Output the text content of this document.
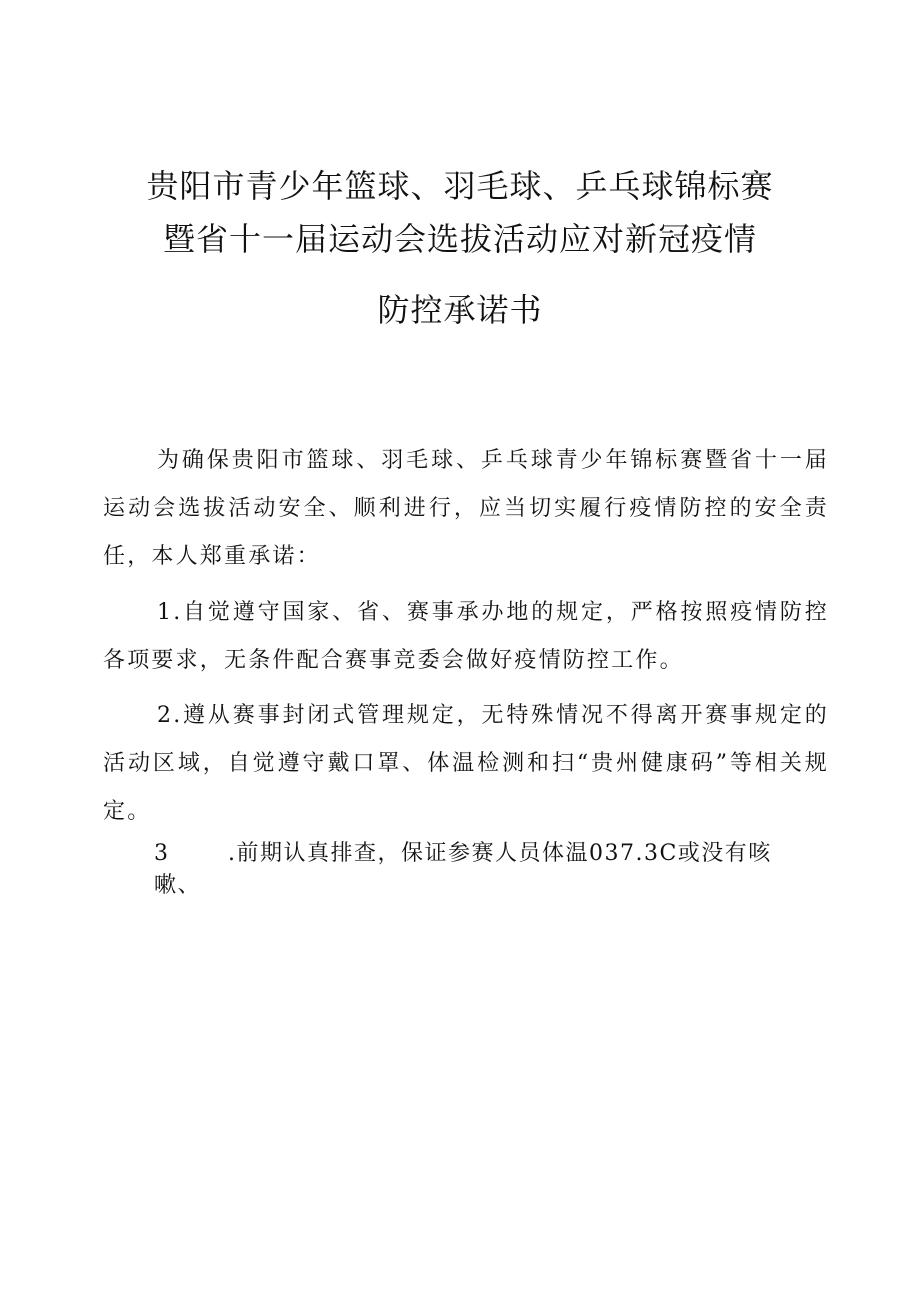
贵阳市青少年篮球、羽毛球、乒乓球锦标赛
暨省十一届运动会选拔活动应对新冠疫情
防控承诺书

为确保贵阳市篮球、羽毛球、乒乓球青少年锦标赛暨省十一届运动会选拔活动安全、顺利进行，应当切实履行疫情防控的安全责任，本人郑重承诺：

1.自觉遵守国家、省、赛事承办地的规定，严格按照疫情防控各项要求，无条件配合赛事竞委会做好疫情防控工作。

2.遵从赛事封闭式管理规定，无特殊情况不得离开赛事规定的活动区域，自觉遵守戴口罩、体温检测和扫“贵州健康码”等相关规定。

3	.前期认真排查，保证参赛人员体温037.3C或没有咳
嗽、
